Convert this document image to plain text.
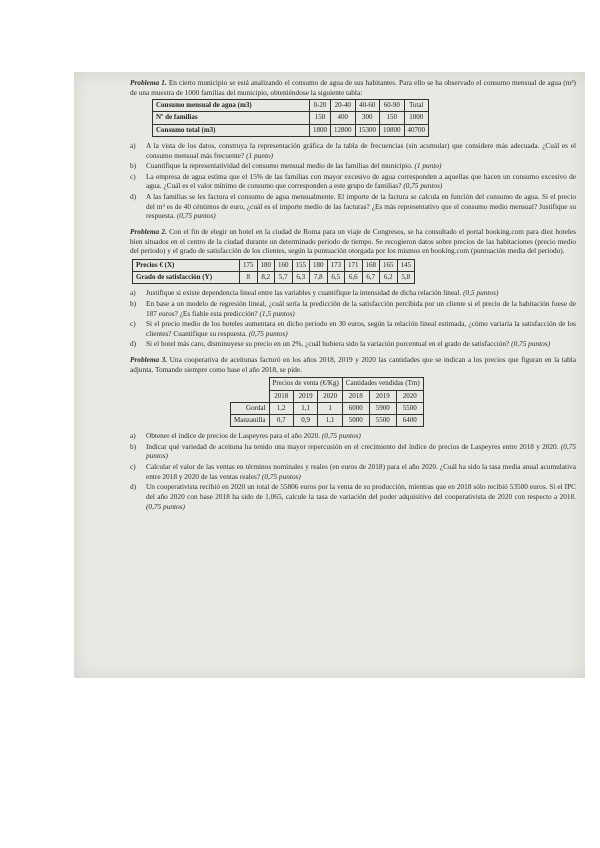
Problema 1. En cierto municipio se está analizando el consumo de agua de sus habitantes. Para ello se ha observado el consumo mensual de agua (m³) de una muestra de 1000 familias del municipio, obteniéndose la siguiente tabla:

Consumo mensual de agua (m3)	0-20	20-40	40-60	60-90	Total
Nº de familias	150	400	300	150	1000
Consumo total (m3)	1800	12800	15300	10800	40700
a)	A la vista de los datos, construya la representación gráfica de la tabla de frecuencias (sin acumular) que considere más adecuada. ¿Cuál es el consumo mensual más frecuente? (1 punto)
b)	Cuantifique la representatividad del consumo mensual medio de las familias del municipio. (1 punto)
c)	La empresa de agua estima que el 15% de las familias con mayor excesivo de agua corresponden a aquellas que hacen un consumo excesivo de agua. ¿Cuál es el valor mínimo de consumo que corresponden a este grupo de familias? (0,75 puntos)
d)	A las familias se les factura el consumo de agua mensualmente. El importe de la factura se calcula en función del consumo de agua. Si el precio del m³ es de 40 céntimos de euro, ¿cuál es el importe medio de las facturas? ¿Es más representativo que el consumo medio mensual? Justifique su respuesta. (0,75 puntos)

Problema 2. Con el fin de elegir un hotel en la ciudad de Roma para un viaje de Congresos, se ha consultado el portal booking.com para diez hoteles bien situados en el centro de la ciudad durante un determinado periodo de tiempo. Se recogieron datos sobre precios de las habitaciones (precio medio del periodo) y el grado de satisfacción de los clientes, según la puntuación otorgada por los mismos en booking.com (puntuación media del periodo).

Precios € (X)	175	180	160	155	180	173	171	168	165	145
Grado de satisfacción (Y)	8	8,2	5,7	6,3	7,8	6,5	6,6	6,7	6,2	5,8
a)	Justifique si existe dependencia lineal entre las variables y cuantifique la intensidad de dicha relación lineal. (0,5 puntos)
b)	En base a un modelo de regresión lineal, ¿cuál sería la predicción de la satisfacción percibida por un cliente si el precio de la habitación fuese de 187 euros? ¿Es fiable esta predicción? (1,5 puntos)
c)	Si el precio medio de los hoteles aumentara en dicho periodo en 30 euros, según la relación lineal estimada, ¿cómo variaría la satisfacción de los clientes? Cuantifique su respuesta. (0,75 puntos)
d)	Si el hotel más caro, disminuyese su precio en un 2%, ¿cuál hubiera sido la variación porcentual en el grado de satisfacción? (0,75 puntos)

Problema 3. Una cooperativa de aceitunas facturó en los años 2018, 2019 y 2020 las cantidades que se indican a los precios que figuran en la tabla adjunta. Tomando siempre como base el año 2018, se pide.

	Precios de venta (€/Kg)			Cantidades vendidas (Tm)		
	2018	2019	2020	2018	2019	2020
Gordal	1,2	1,1	1	6000	5900	5500
Manzanilla	0,7	0,9	1,1	5000	5500	6400
a)	Obtener el índice de precios de Laspeyres para el año 2020. (0,75 puntos)
b)	Indicar qué variedad de aceituna ha tenido una mayor repercusión en el crecimiento del índice de precios de Laspeyres entre 2018 y 2020. (0,75 puntos)
c)	Calcular el valor de las ventas en términos nominales y reales (en euros de 2018) para el año 2020. ¿Cuál ha sido la tasa media anual acumulativa entre 2018 y 2020 de las ventas reales? (0,75 puntos)
d)	Un cooperativista recibió en 2020 un total de 55806 euros por la venta de su producción, mientras que en 2018 sólo recibió 53500 euros. Si el IPC del año 2020 con base 2018 ha sido de 1,065, calcule la tasa de variación del poder adquisitivo del cooperativista de 2020 con respecto a 2018. (0,75 puntos)
